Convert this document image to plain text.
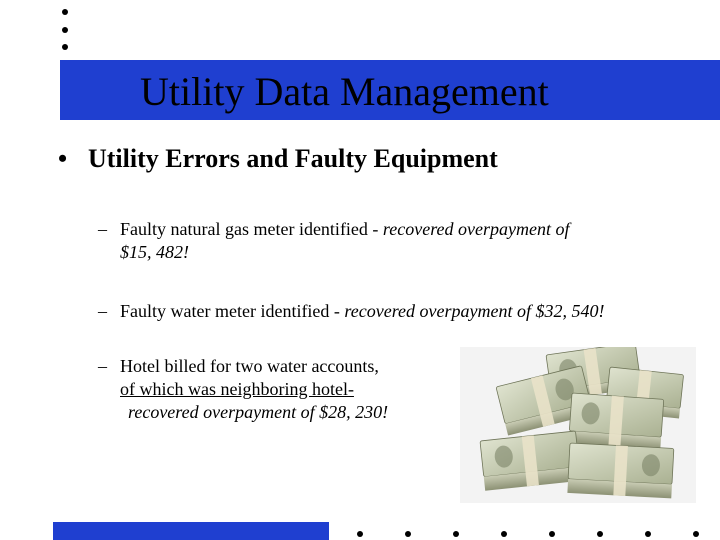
Utility Data Management
• Utility Errors and Faulty Equipment
– Faulty natural gas meter identified - recovered overpayment of
$15, 482!
– Faulty water meter identified - recovered overpayment of $32, 540!
– Hotel billed for two water accounts,
of which was neighboring hotel-
recovered overpayment of $28, 230!
